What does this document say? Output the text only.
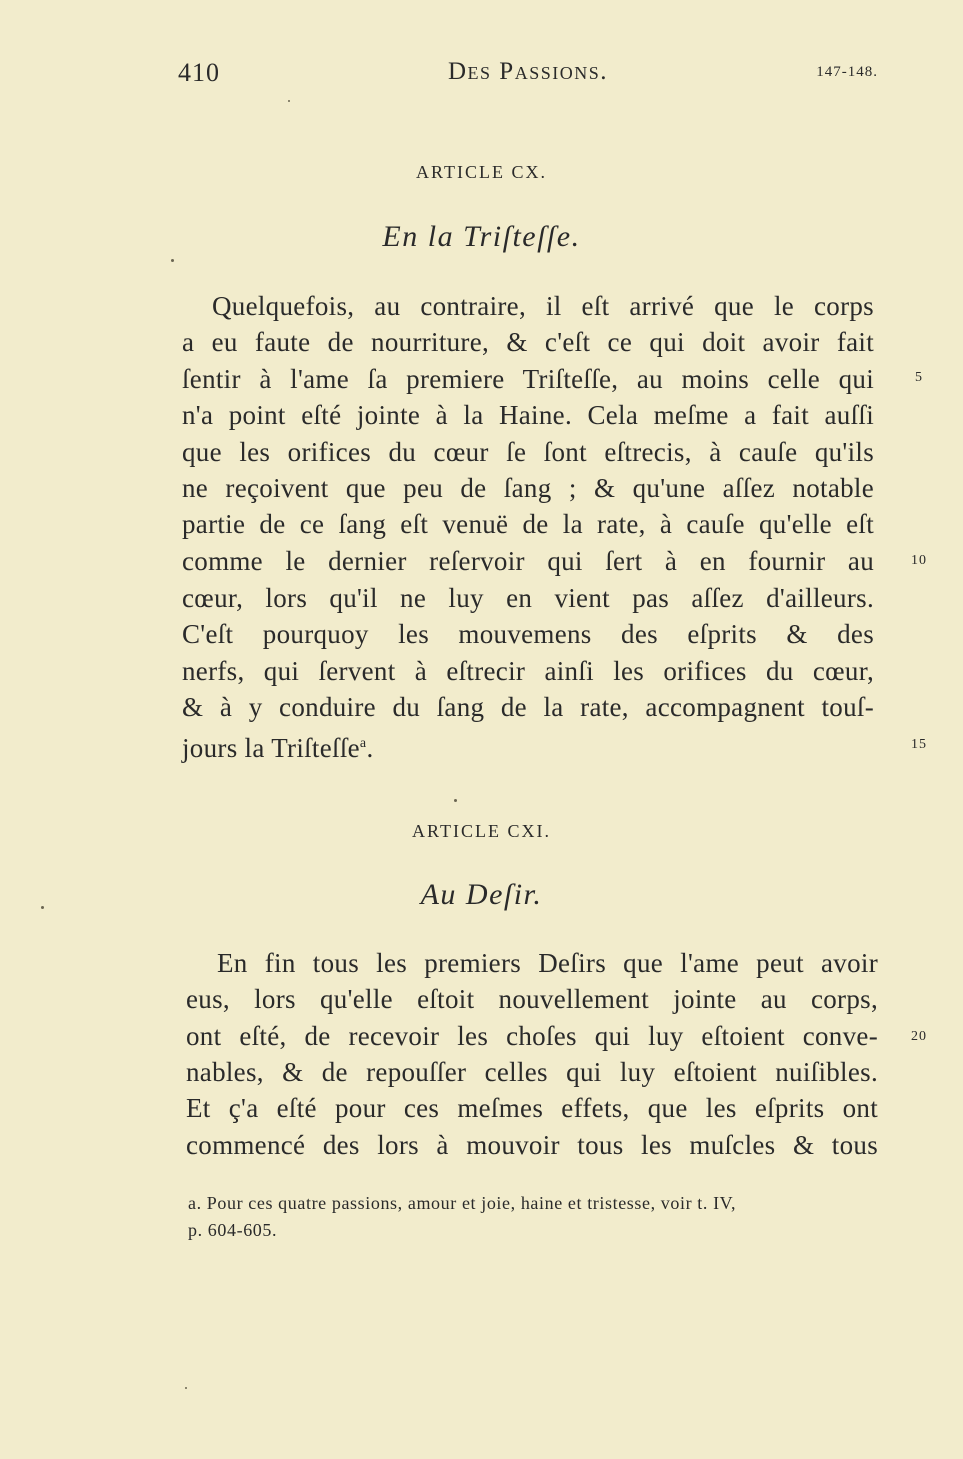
410	Des Passions.	147-148.
ARTICLE CX.
En la Triſteſſe.
Quelquefois, au contraire, il eſt arrivé que le corps
a eu faute de nourriture, & c'eſt ce qui doit avoir fait
ſentir à l'ame ſa premiere Triſteſſe, au moins celle qui
n'a point eſté jointe à la Haine. Cela meſme a fait auſſi
que les orifices du cœur ſe ſont eſtrecis, à cauſe qu'ils
ne reçoivent que peu de ſang ; & qu'une aſſez notable
partie de ce ſang eſt venuë de la rate, à cauſe qu'elle eſt
comme le dernier reſervoir qui ſert à en fournir au
cœur, lors qu'il ne luy en vient pas aſſez d'ailleurs.
C'eſt pourquoy les mouvemens des eſprits & des
nerfs, qui ſervent à eſtrecir ainſi les orifices du cœur,
& à y conduire du ſang de la rate, accompagnent touſ-
jours la Triſteſſe$^a$.
5
10
15
ARTICLE CXI.
Au Deſir.
En fin tous les premiers Deſirs que l'ame peut avoir
eus, lors qu'elle eſtoit nouvellement jointe au corps,
ont eſté, de recevoir les choſes qui luy eſtoient conve-
nables, & de repouſſer celles qui luy eſtoient nuiſibles.
Et ç'a eſté pour ces meſmes effets, que les eſprits ont
commencé des lors à mouvoir tous les muſcles & tous
20
a. Pour ces quatre passions, amour et joie, haine et tristesse, voir t. IV,
p. 604-605.
